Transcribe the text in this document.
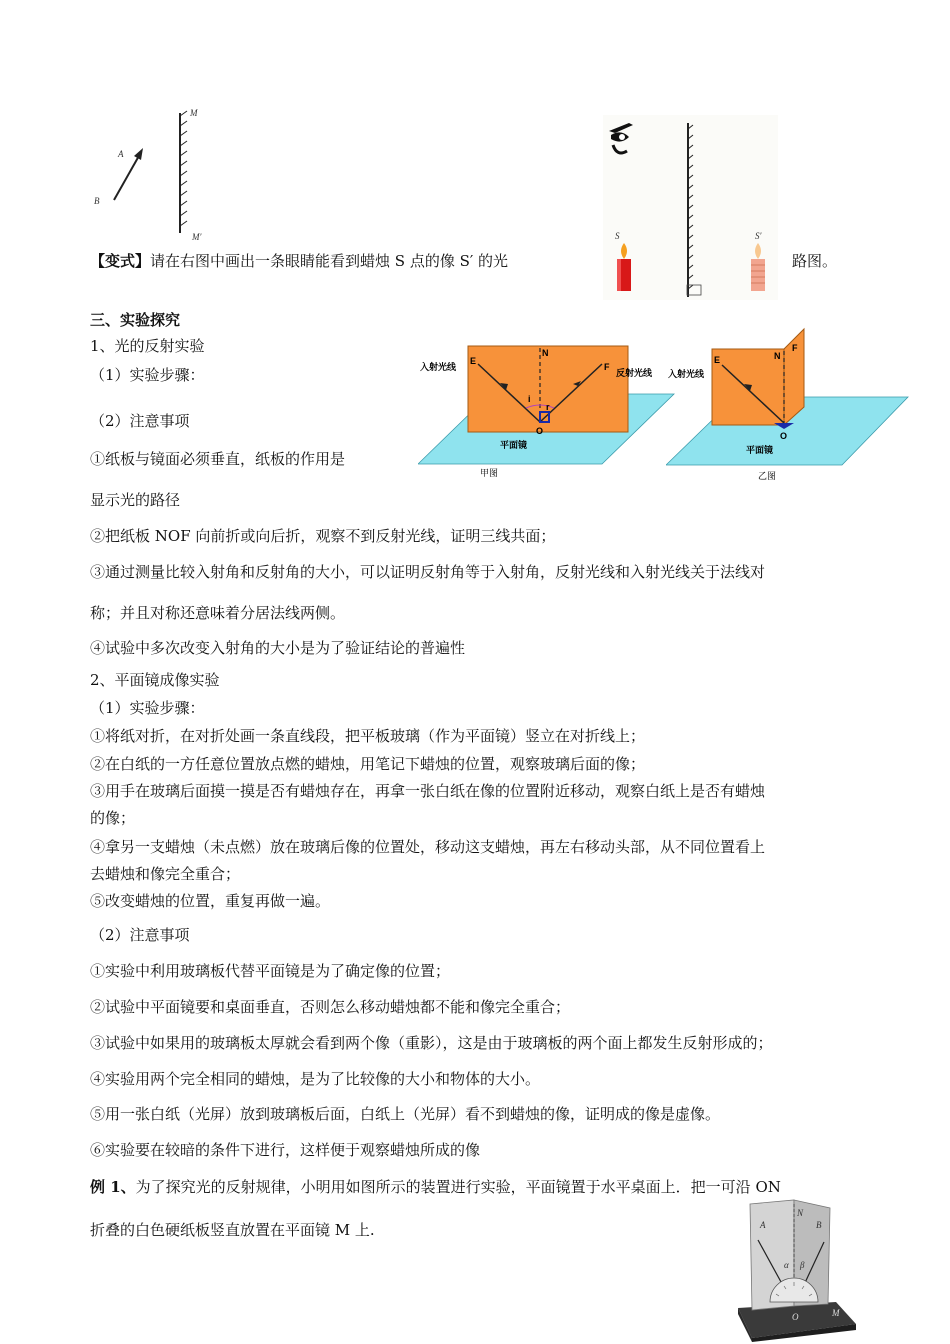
A
B
M
M′	S	S′
【变式】请在右图中画出一条眼睛能看到蜡烛 S 点的像 S′ 的光	路图。
三、实验探究
1、光的反射实验
（1）实验步骤：
（2）注意事项
①纸板与镜面必须垂直，纸板的作用是
入射光线
反射光线
平面镜
甲图
E
N
F
O
i
r
入射光线
平面镜
乙图
E	N
F
O
显示光的路径
②把纸板 NOF 向前折或向后折，观察不到反射光线，证明三线共面；
③通过测量比较入射角和反射角的大小，可以证明反射角等于入射角，反射光线和入射光线关于法线对
称；并且对称还意味着分居法线两侧。
④试验中多次改变入射角的大小是为了验证结论的普遍性
2、平面镜成像实验
（1）实验步骤：
①将纸对折，在对折处画一条直线段，把平板玻璃（作为平面镜）竖立在对折线上；
②在白纸的一方任意位置放点燃的蜡烛，用笔记下蜡烛的位置，观察玻璃后面的像；
③用手在玻璃后面摸一摸是否有蜡烛存在，再拿一张白纸在像的位置附近移动，观察白纸上是否有蜡烛
的像；
④拿另一支蜡烛（未点燃）放在玻璃后像的位置处，移动这支蜡烛，再左右移动头部，从不同位置看上
去蜡烛和像完全重合；
⑤改变蜡烛的位置，重复再做一遍。
（2）注意事项
①实验中利用玻璃板代替平面镜是为了确定像的位置；
②试验中平面镜要和桌面垂直，否则怎么移动蜡烛都不能和像完全重合；
③试验中如果用的玻璃板太厚就会看到两个像（重影），这是由于玻璃板的两个面上都发生反射形成的；
④实验用两个完全相同的蜡烛，是为了比较像的大小和物体的大小。
⑤用一张白纸（光屏）放到玻璃板后面，白纸上（光屏）看不到蜡烛的像，证明成的像是虚像。
⑥实验要在较暗的条件下进行，这样便于观察蜡烛所成的像
例 1、为了探究光的反射规律，小明用如图所示的装置进行实验，平面镜置于水平桌面上．把一可沿 ON
折叠的白色硬纸板竖直放置在平面镜 M 上.	A
N
B
α β
O	M
